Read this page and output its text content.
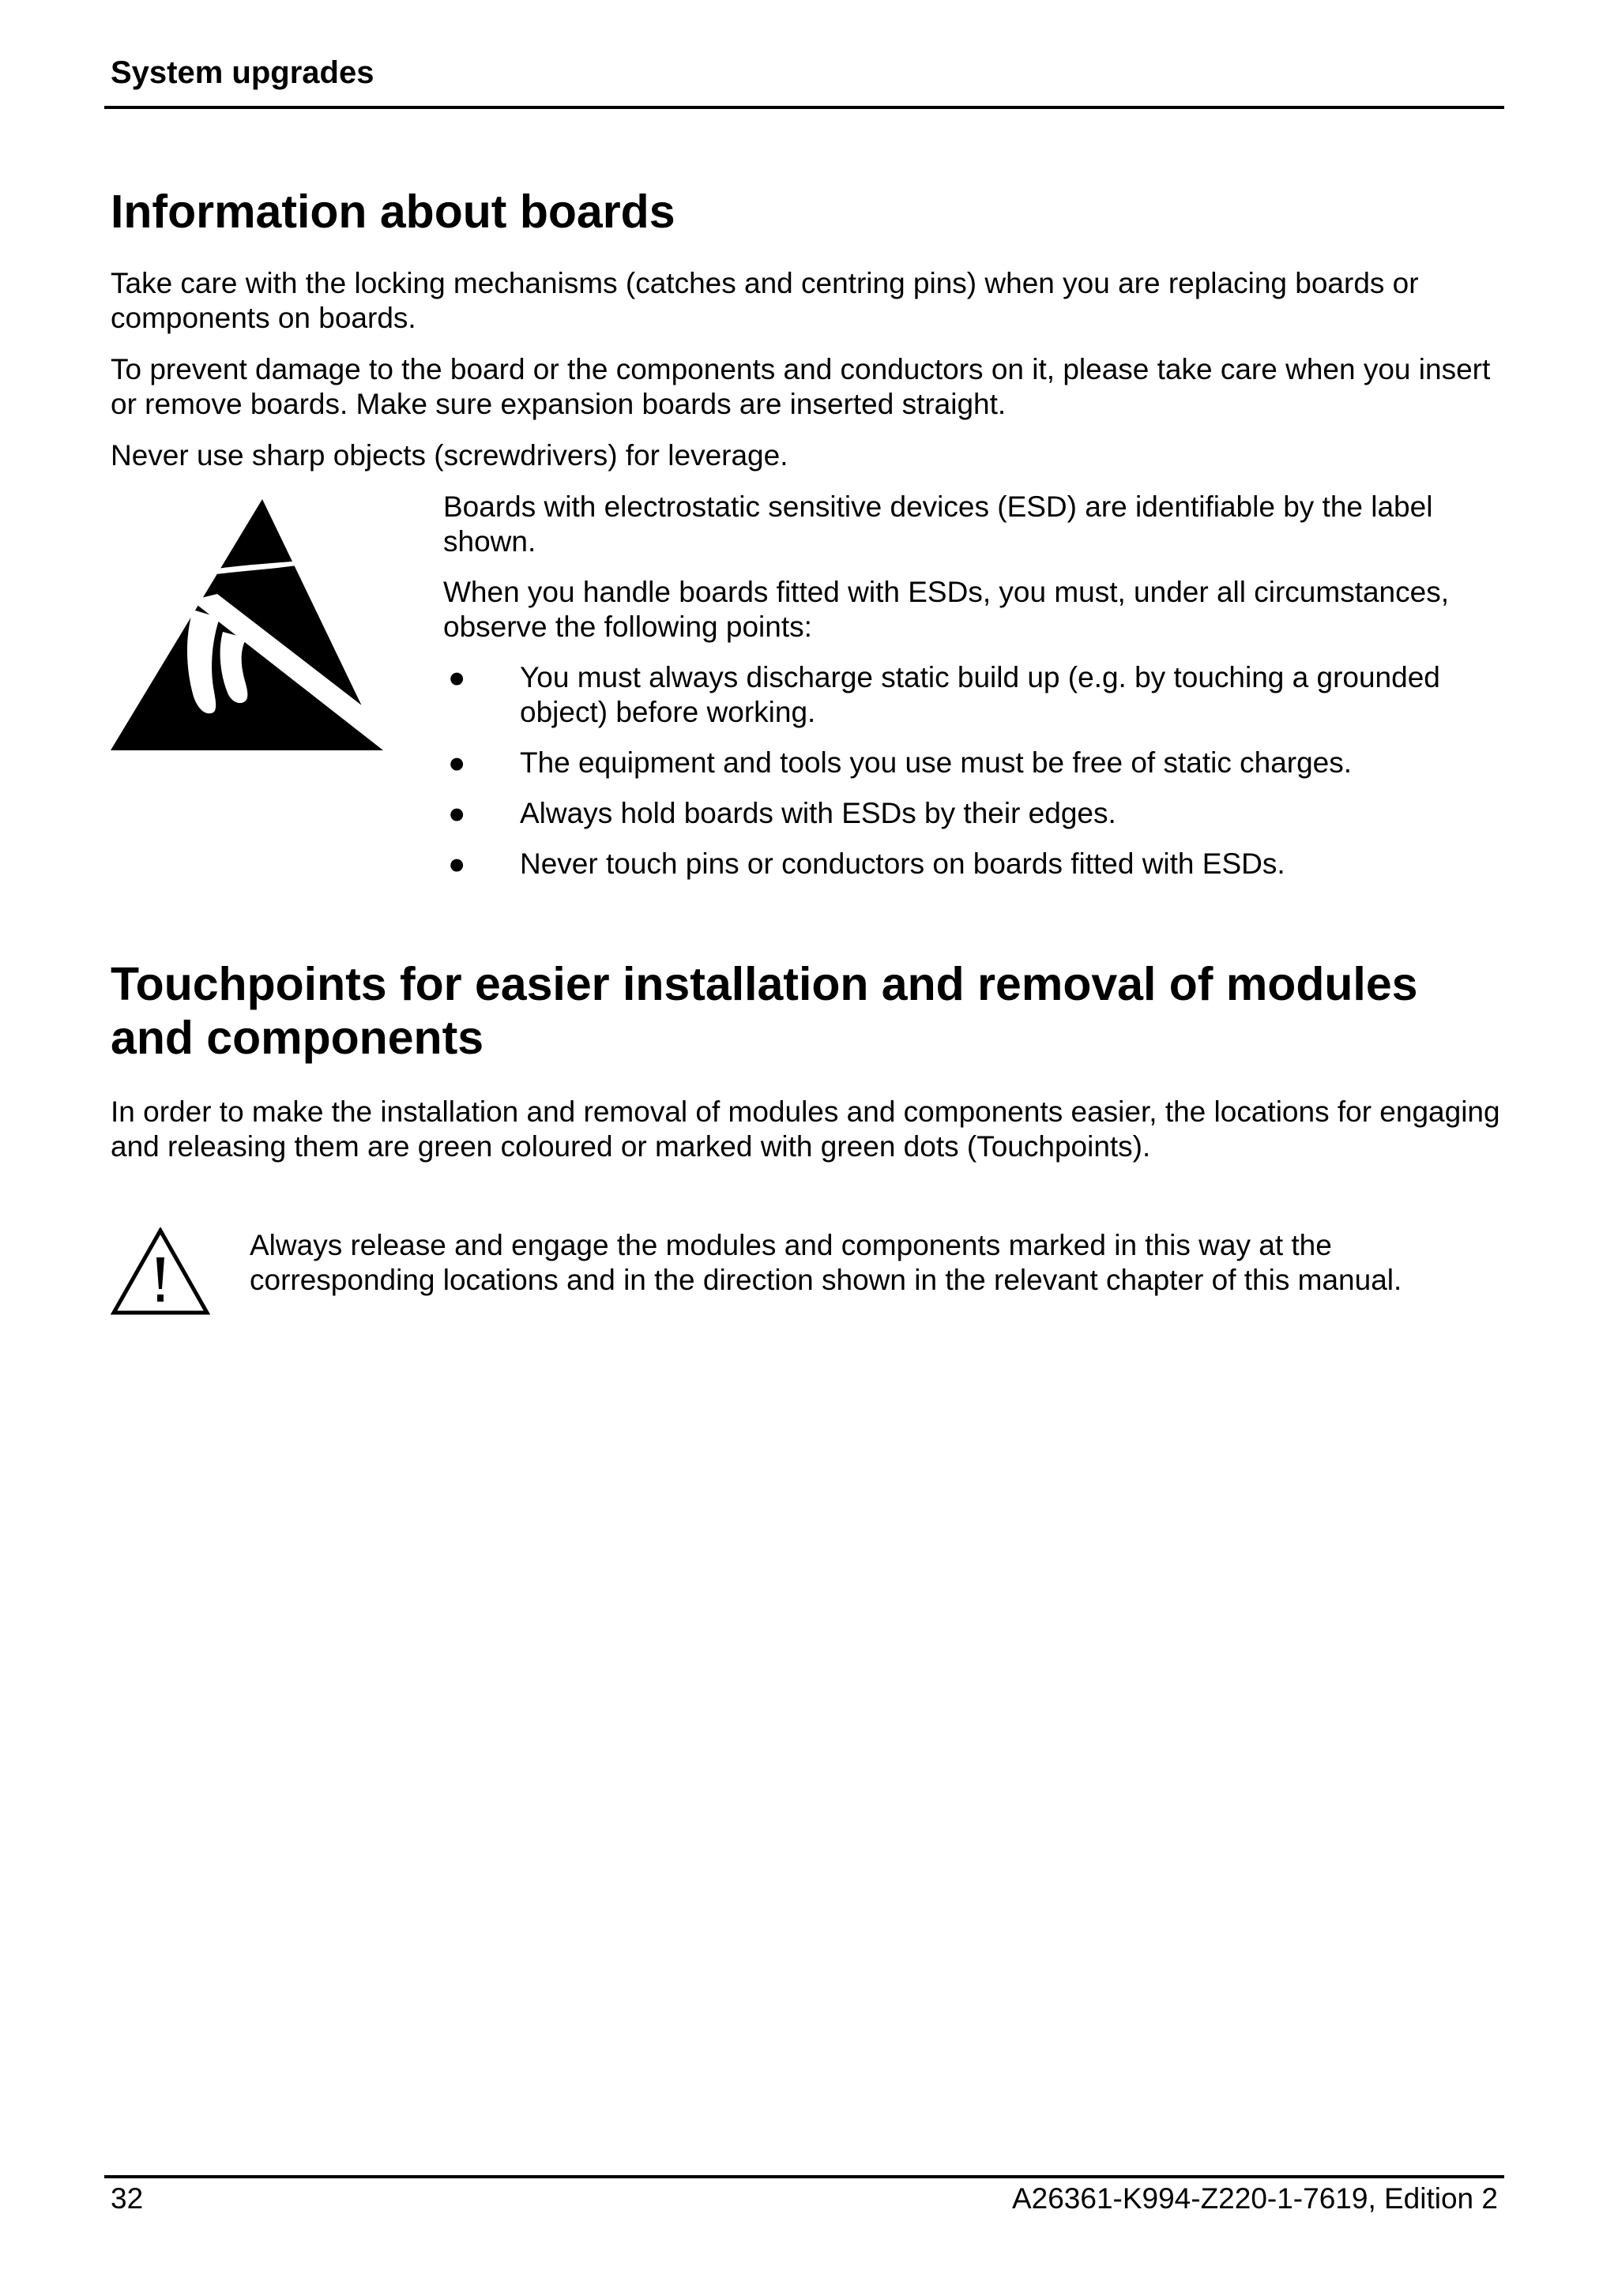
System upgrades
Information about boards

Take care with the locking mechanisms (catches and centring pins) when you are replacing boards or components on boards.

To prevent damage to the board or the components and conductors on it, please take care when you insert or remove boards. Make sure expansion boards are inserted straight.

Never use sharp objects (screwdrivers) for leverage.

Boards with electrostatic sensitive devices (ESD) are identifiable by the label shown.

When you handle boards fitted with ESDs, you must, under all circumstances, observe the following points:

● You must always discharge static build up (e.g. by touching a grounded object) before working.
● The equipment and tools you use must be free of static charges.
● Always hold boards with ESDs by their edges.
● Never touch pins or conductors on boards fitted with ESDs.
Touchpoints for easier installation and removal of modules and components

In order to make the installation and removal of modules and components easier, the locations for engaging and releasing them are green coloured or marked with green dots (Touchpoints).

Always release and engage the modules and components marked in this way at the corresponding locations and in the direction shown in the relevant chapter of this manual.

32	A26361-K994-Z220-1-7619, Edition 2
